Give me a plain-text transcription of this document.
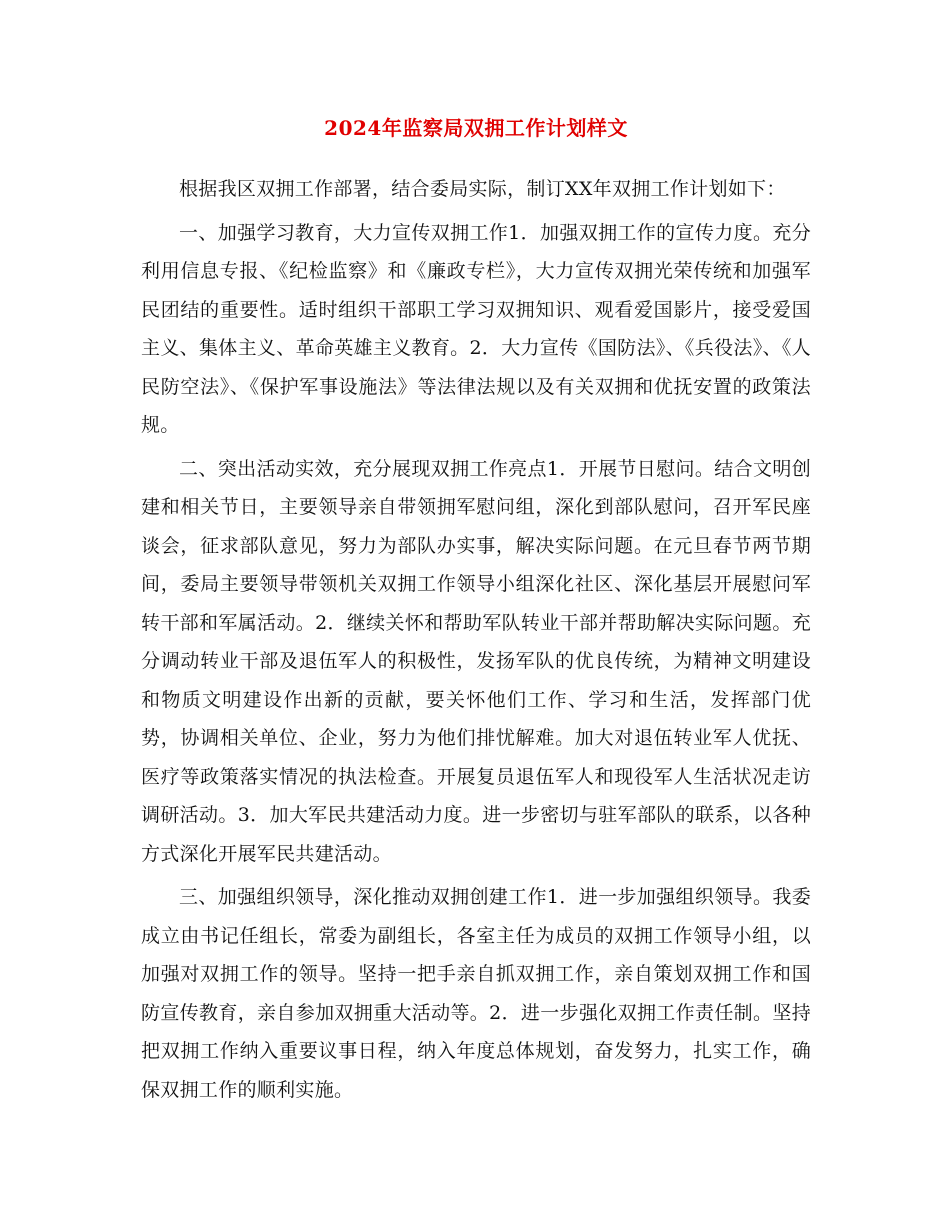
2024年监察局双拥工作计划样文

根据我区双拥工作部署，结合委局实际，制订XX年双拥工作计划如下：

一、加强学习教育，大力宣传双拥工作1．加强双拥工作的宣传力度。充分利用信息专报、《纪检监察》和《廉政专栏》，大力宣传双拥光荣传统和加强军民团结的重要性。适时组织干部职工学习双拥知识、观看爱国影片，接受爱国主义、集体主义、革命英雄主义教育。2．大力宣传《国防法》、《兵役法》、《人民防空法》、《保护军事设施法》等法律法规以及有关双拥和优抚安置的政策法规。

二、突出活动实效，充分展现双拥工作亮点1．开展节日慰问。结合文明创建和相关节日，主要领导亲自带领拥军慰问组，深化到部队慰问，召开军民座谈会，征求部队意见，努力为部队办实事，解决实际问题。在元旦春节两节期间，委局主要领导带领机关双拥工作领导小组深化社区、深化基层开展慰问军转干部和军属活动。2．继续关怀和帮助军队转业干部并帮助解决实际问题。充分调动转业干部及退伍军人的积极性，发扬军队的优良传统，为精神文明建设和物质文明建设作出新的贡献，要关怀他们工作、学习和生活，发挥部门优势，协调相关单位、企业，努力为他们排忧解难。加大对退伍转业军人优抚、医疗等政策落实情况的执法检查。开展复员退伍军人和现役军人生活状况走访调研活动。3．加大军民共建活动力度。进一步密切与驻军部队的联系，以各种方式深化开展军民共建活动。

三、加强组织领导，深化推动双拥创建工作1．进一步加强组织领导。我委成立由书记任组长，常委为副组长，各室主任为成员的双拥工作领导小组，以加强对双拥工作的领导。坚持一把手亲自抓双拥工作，亲自策划双拥工作和国防宣传教育，亲自参加双拥重大活动等。2．进一步强化双拥工作责任制。坚持把双拥工作纳入重要议事日程，纳入年度总体规划，奋发努力，扎实工作，确保双拥工作的顺利实施。
